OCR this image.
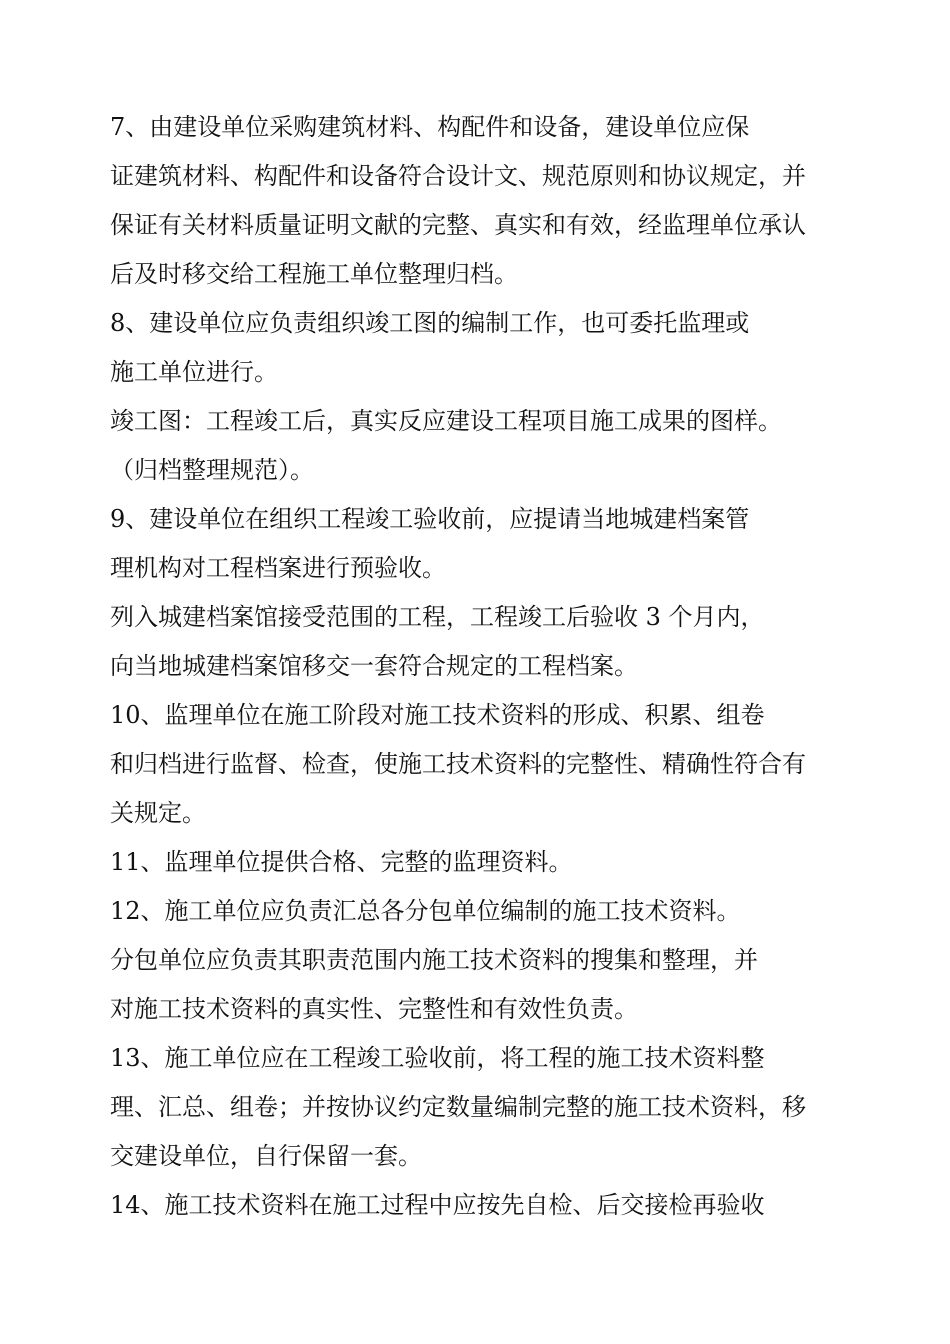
7、由建设单位采购建筑材料、构配件和设备，建设单位应保
证建筑材料、构配件和设备符合设计文、规范原则和协议规定，并
保证有关材料质量证明文献的完整、真实和有效，经监理单位承认
后及时移交给工程施工单位整理归档。
8、建设单位应负责组织竣工图的编制工作，也可委托监理或
施工单位进行。
竣工图：工程竣工后，真实反应建设工程项目施工成果的图样。
（归档整理规范）。
9、建设单位在组织工程竣工验收前，应提请当地城建档案管
理机构对工程档案进行预验收。
列入城建档案馆接受范围的工程，工程竣工后验收 3 个月内，
向当地城建档案馆移交一套符合规定的工程档案。
10、监理单位在施工阶段对施工技术资料的形成、积累、组卷
和归档进行监督、检查，使施工技术资料的完整性、精确性符合有
关规定。
11、监理单位提供合格、完整的监理资料。
12、施工单位应负责汇总各分包单位编制的施工技术资料。
分包单位应负责其职责范围内施工技术资料的搜集和整理，并
对施工技术资料的真实性、完整性和有效性负责。
13、施工单位应在工程竣工验收前，将工程的施工技术资料整
理、汇总、组卷；并按协议约定数量编制完整的施工技术资料，移
交建设单位，自行保留一套。
14、施工技术资料在施工过程中应按先自检、后交接检再验收
